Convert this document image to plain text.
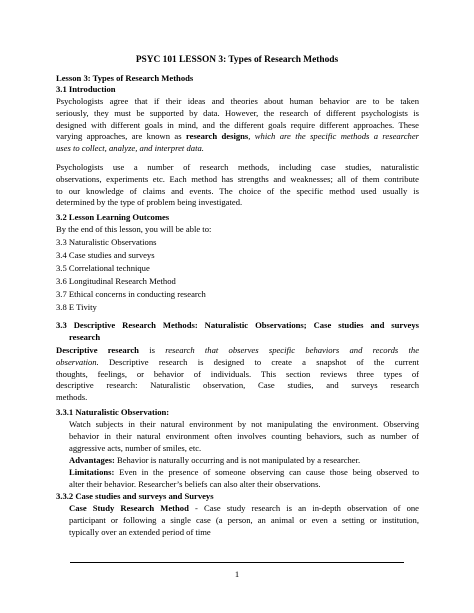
PSYC 101 LESSON 3: Types of Research Methods
Lesson 3: Types of Research Methods
3.1 Introduction
Psychologists agree that if their ideas and theories about human behavior are to be taken
seriously, they must be supported by data. However, the research of different psychologists is
designed with different goals in mind, and the different goals require different approaches. These
varying approaches, are known as research designs, which are the specific methods a researcher
uses to collect, analyze, and interpret data.
Psychologists use a number of research methods, including case studies, naturalistic
observations, experiments etc. Each method has strengths and weaknesses; all of them contribute
to our knowledge of claims and events. The choice of the specific method used usually is
determined by the type of problem being investigated.
3.2 Lesson Learning Outcomes
By the end of this lesson, you will be able to:
3.3 Naturalistic Observations
3.4 Case studies and surveys
3.5 Correlational technique
3.6 Longitudinal Research Method
3.7 Ethical concerns in conducting research
3.8 E Tivity
3.3 Descriptive Research Methods: Naturalistic Observations; Case studies and surveys
research
Descriptive research is research that observes specific behaviors and records the
observation. Descriptive research is designed to create a snapshot of the current
thoughts, feelings, or behavior of individuals. This section reviews three types of
descriptive research: Naturalistic observation, Case studies, and surveys research
methods.
3.3.1 Naturalistic Observation:
Watch subjects in their natural environment by not manipulating the environment. Observing
behavior in their natural environment often involves counting behaviors, such as number of
aggressive acts, number of smiles, etc.
Advantages: Behavior is naturally occurring and is not manipulated by a researcher.
Limitations: Even in the presence of someone observing can cause those being observed to
alter their behavior. Researcher’s beliefs can also alter their observations.
3.3.2 Case studies and surveys and Surveys
Case Study Research Method - Case study research is an in-depth observation of one
participant or following a single case (a person, an animal or even a setting or institution,
typically over an extended period of time
1
